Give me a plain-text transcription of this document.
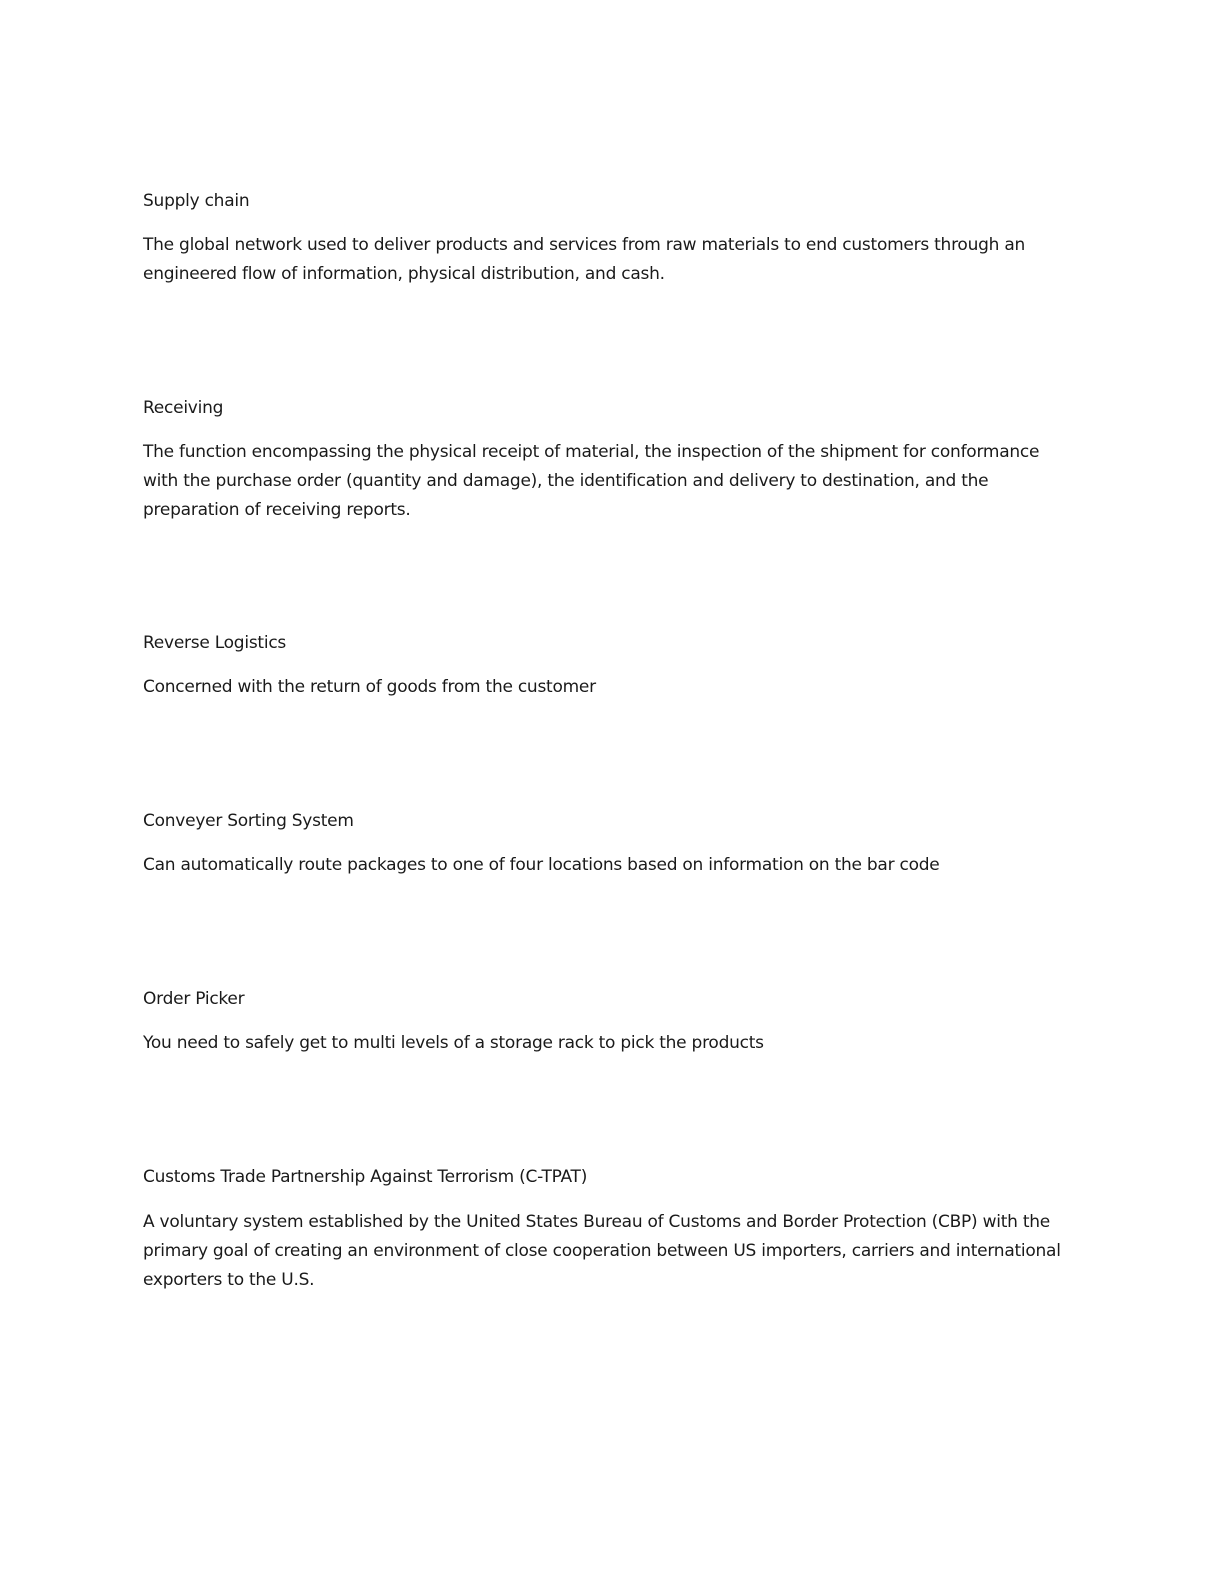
Supply chain

The global network used to deliver products and services from raw materials to end customers through an engineered flow of information, physical distribution, and cash.

Receiving

The function encompassing the physical receipt of material, the inspection of the shipment for conformance with the purchase order (quantity and damage), the identification and delivery to destination, and the preparation of receiving reports.

Reverse Logistics

Concerned with the return of goods from the customer

Conveyer Sorting System

Can automatically route packages to one of four locations based on information on the bar code

Order Picker

You need to safely get to multi levels of a storage rack to pick the products

Customs Trade Partnership Against Terrorism (C-TPAT)

A voluntary system established by the United States Bureau of Customs and Border Protection (CBP) with the primary goal of creating an environment of close cooperation between US importers, carriers and international exporters to the U.S.
